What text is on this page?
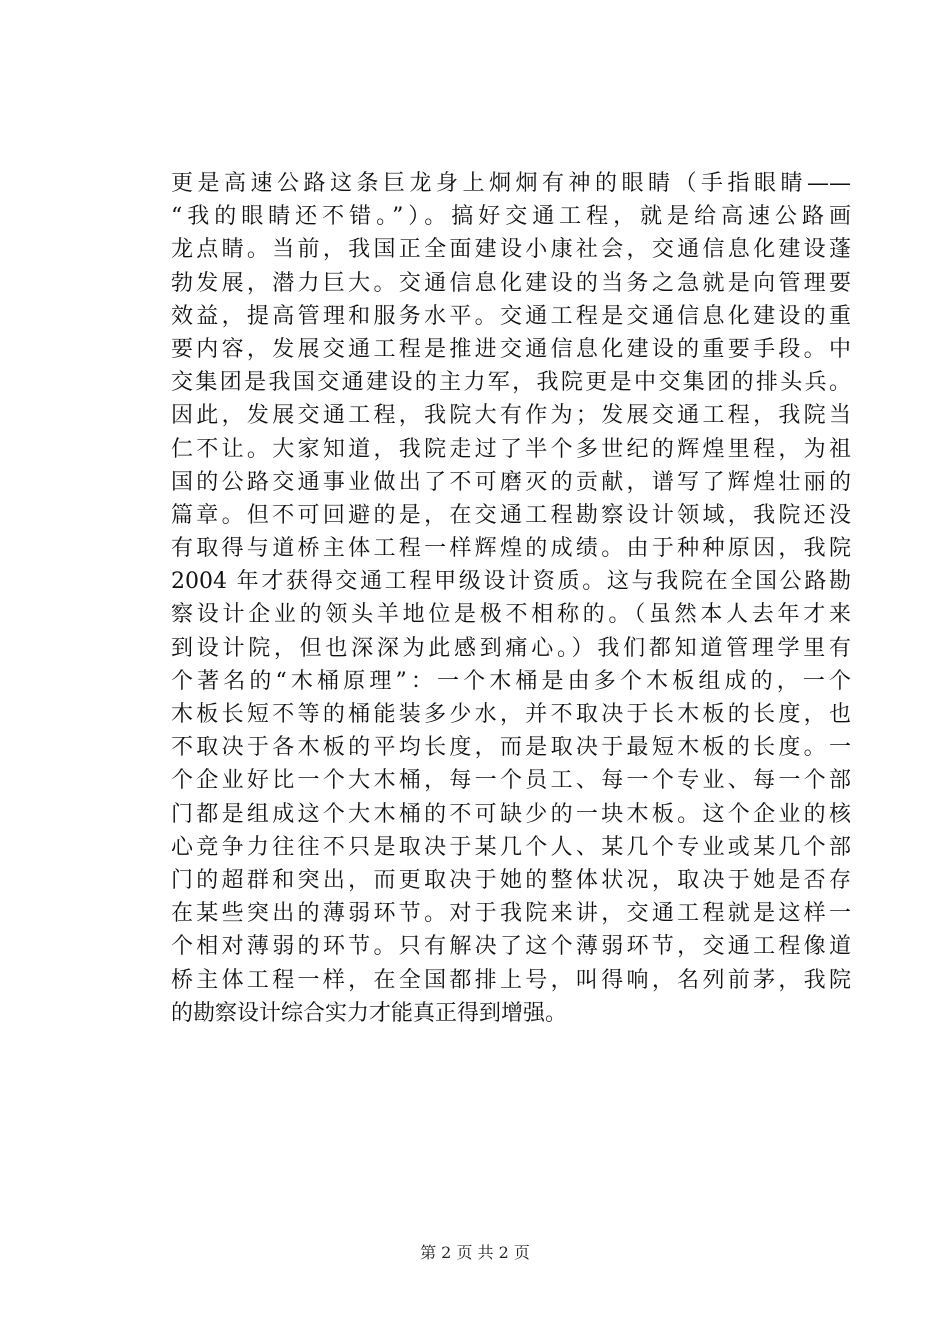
更是高速公路这条巨龙身上炯炯有神的眼睛（手指眼睛——
“我的眼睛还不错。”）。搞好交通工程，就是给高速公路画
龙点睛。当前，我国正全面建设小康社会，交通信息化建设蓬
勃发展，潜力巨大。交通信息化建设的当务之急就是向管理要
效益，提高管理和服务水平。交通工程是交通信息化建设的重
要内容，发展交通工程是推进交通信息化建设的重要手段。中
交集团是我国交通建设的主力军，我院更是中交集团的排头兵。
因此，发展交通工程，我院大有作为；发展交通工程，我院当
仁不让。大家知道，我院走过了半个多世纪的辉煌里程，为祖
国的公路交通事业做出了不可磨灭的贡献，谱写了辉煌壮丽的
篇章。但不可回避的是，在交通工程勘察设计领域，我院还没
有取得与道桥主体工程一样辉煌的成绩。由于种种原因，我院
2004 年才获得交通工程甲级设计资质。这与我院在全国公路勘
察设计企业的领头羊地位是极不相称的。（虽然本人去年才来
到设计院，但也深深为此感到痛心。）我们都知道管理学里有
个著名的“木桶原理”：一个木桶是由多个木板组成的，一个
木板长短不等的桶能装多少水，并不取决于长木板的长度，也
不取决于各木板的平均长度，而是取决于最短木板的长度。一
个企业好比一个大木桶，每一个员工、每一个专业、每一个部
门都是组成这个大木桶的不可缺少的一块木板。这个企业的核
心竞争力往往不只是取决于某几个人、某几个专业或某几个部
门的超群和突出，而更取决于她的整体状况，取决于她是否存
在某些突出的薄弱环节。对于我院来讲，交通工程就是这样一
个相对薄弱的环节。只有解决了这个薄弱环节，交通工程像道
桥主体工程一样，在全国都排上号，叫得响，名列前茅，我院
的勘察设计综合实力才能真正得到增强。
第 2 页 共 2 页
